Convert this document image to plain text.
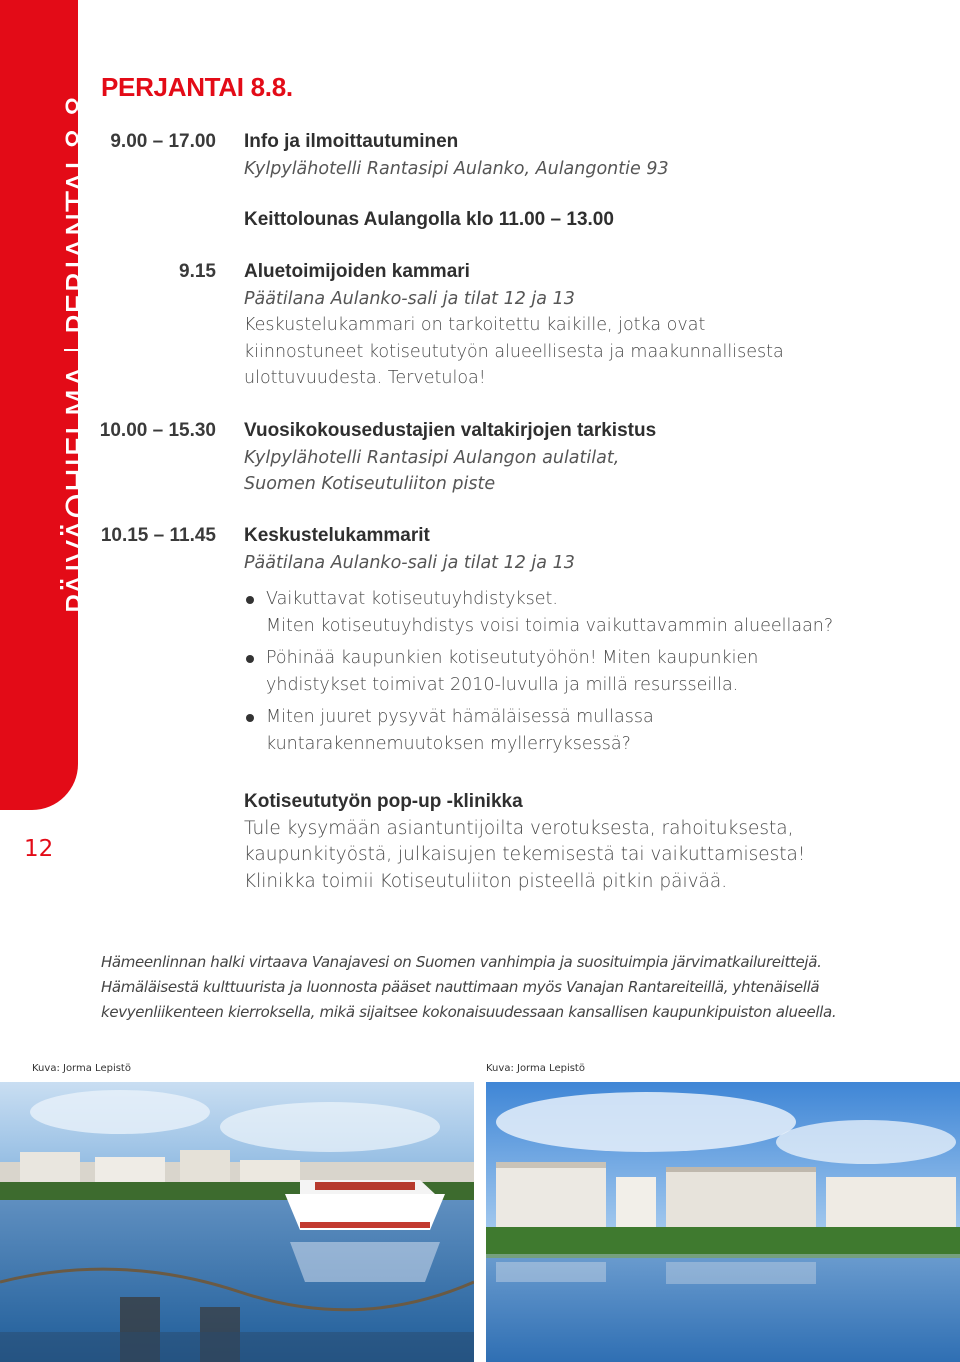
PÄIVÄOHJELMAPERJANTAI 8.8.
12
PERJANTAI 8.8.
9.00 – 17.00 Info ja ilmoittautuminen
Kylpylähotelli Rantasipi Aulanko, Aulangontie 93
Keittolounas Aulangolla klo 11.00 – 13.00
9.15 Aluetoimijoiden kammari
Päätilana Aulanko-sali ja tilat 12 ja 13
Keskustelukammari on tarkoitettu kaikille, jotka ovat
kiinnostuneet kotiseututyön alueellisesta ja maakunnallisesta
ulottuvuudesta. Tervetuloa!
10.00 – 15.30 Vuosikokousedustajien valtakirjojen tarkistus
Kylpylähotelli Rantasipi Aulangon aulatilat,
Suomen Kotiseutuliiton piste
10.15 – 11.45 Keskustelukammarit
Päätilana Aulanko-sali ja tilat 12 ja 13
Vaikuttavat kotiseutuyhdistykset.
Miten kotiseutuyhdistys voisi toimia vaikuttavammin alueellaan?
Pöhinää kaupunkien kotiseututyöhön! Miten kaupunkien
yhdistykset toimivat 2010-luvulla ja millä resursseilla.
Miten juuret pysyvät hämäläisessä mullassa
kuntarakennemuutoksen myllerryksessä?
Kotiseututyön pop-up -klinikka
Tule kysymään asiantuntijoilta verotuksesta, rahoituksesta,
kaupunkityöstä, julkaisujen tekemisestä tai vaikuttamisesta!
Klinikka toimii Kotiseutuliiton pisteellä pitkin päivää.
Hämeenlinnan halki virtaava Vanajavesi on Suomen vanhimpia ja suosituimpia järvimatkailureittejä.
Hämäläisestä kulttuurista ja luonnosta pääset nauttimaan myös Vanajan Rantareiteillä, yhtenäisellä
kevyenliikenteen kierroksella, mikä sijaitsee kokonaisuudessaan kansallisen kaupunkipuiston alueella.
Kuva: Jorma Lepistö	Kuva: Jorma Lepistö
